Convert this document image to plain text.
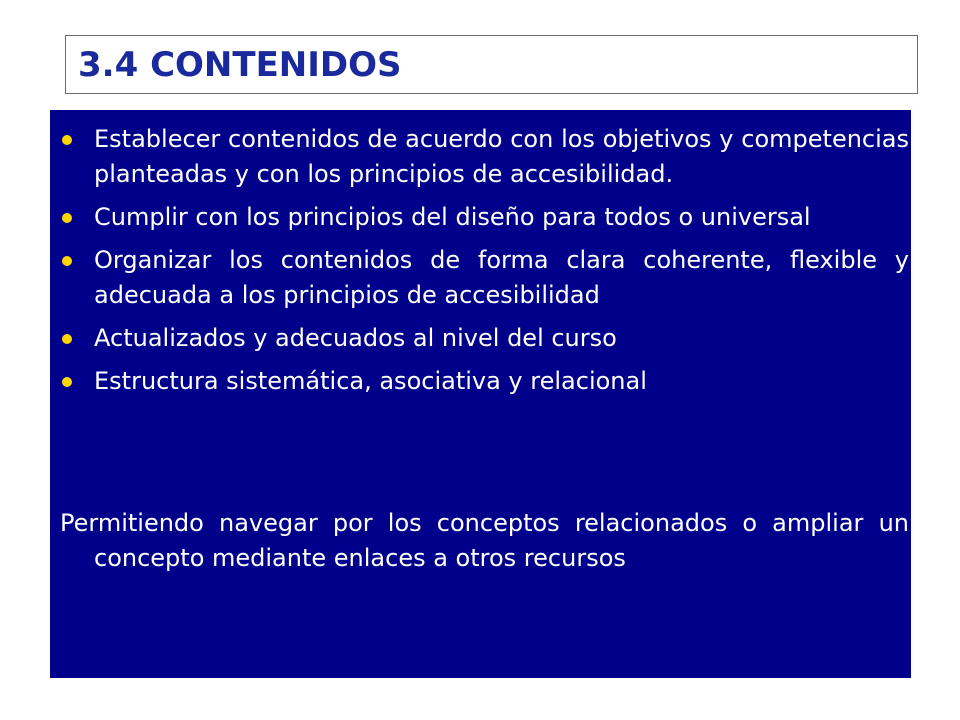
3.4 CONTENIDOS
Establecer contenidos de acuerdo con los objetivos y competencias planteadas y con los principios de accesibilidad.
Cumplir con los principios del diseño para todos o universal
Organizar los contenidos de forma clara coherente, flexible y adecuada a los principios de accesibilidad
Actualizados y adecuados al nivel del curso
Estructura sistemática, asociativa y relacional
Permitiendo navegar por los conceptos relacionados o ampliar un concepto mediante enlaces a otros recursos
